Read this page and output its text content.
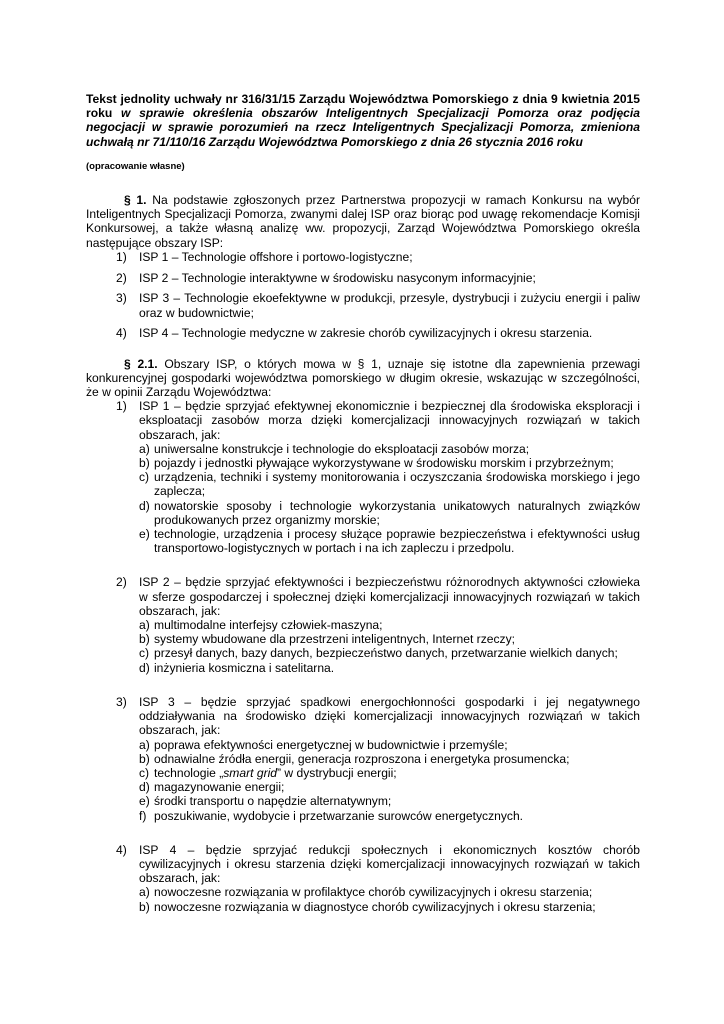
Tekst jednolity uchwały nr 316/31/15 Zarządu Województwa Pomorskiego z dnia 9 kwietnia 2015 roku w sprawie określenia obszarów Inteligentnych Specjalizacji Pomorza oraz podjęcia negocjacji w sprawie porozumień na rzecz Inteligentnych Specjalizacji Pomorza, zmieniona uchwałą nr 71/110/16 Zarządu Województwa Pomorskiego z dnia 26 stycznia 2016 roku

(opracowanie własne)

§ 1. Na podstawie zgłoszonych przez Partnerstwa propozycji w ramach Konkursu na wybór Inteligentnych Specjalizacji Pomorza, zwanymi dalej ISP oraz biorąc pod uwagę rekomendacje Komisji Konkursowej, a także własną analizę ww. propozycji, Zarząd Województwa Pomorskiego określa następujące obszary ISP:

1) ISP 1 – Technologie offshore i portowo-logistyczne;
2) ISP 2 – Technologie interaktywne w środowisku nasyconym informacyjnie;
3) ISP 3 – Technologie ekoefektywne w produkcji, przesyle, dystrybucji i zużyciu energii i paliw oraz w budownictwie;
4) ISP 4 – Technologie medyczne w zakresie chorób cywilizacyjnych i okresu starzenia.

§ 2.1. Obszary ISP, o których mowa w § 1, uznaje się istotne dla zapewnienia przewagi konkurencyjnej gospodarki województwa pomorskiego w długim okresie, wskazując w szczególności, że w opinii Zarządu Województwa:

1) ISP 1 – będzie sprzyjać efektywnej ekonomicznie i bezpiecznej dla środowiska eksploracji i eksploatacji zasobów morza dzięki komercjalizacji innowacyjnych rozwiązań w takich obszarach, jak:
a) uniwersalne konstrukcje i technologie do eksploatacji zasobów morza;
b) pojazdy i jednostki pływające wykorzystywane w środowisku morskim i przybrzeżnym;
c) urządzenia, techniki i systemy monitorowania i oczyszczania środowiska morskiego i jego zaplecza;
d) nowatorskie sposoby i technologie wykorzystania unikatowych naturalnych związków produkowanych przez organizmy morskie;
e) technologie, urządzenia i procesy służące poprawie bezpieczeństwa i efektywności usług transportowo-logistycznych w portach i na ich zapleczu i przedpolu.
2) ISP 2 – będzie sprzyjać efektywności i bezpieczeństwu różnorodnych aktywności człowieka w sferze gospodarczej i społecznej dzięki komercjalizacji innowacyjnych rozwiązań w takich obszarach, jak:
a) multimodalne interfejsy człowiek-maszyna;
b) systemy wbudowane dla przestrzeni inteligentnych, Internet rzeczy;
c) przesył danych, bazy danych, bezpieczeństwo danych, przetwarzanie wielkich danych;
d) inżynieria kosmiczna i satelitarna.
3) ISP 3 – będzie sprzyjać spadkowi energochłonności gospodarki i jej negatywnego oddziaływania na środowisko dzięki komercjalizacji innowacyjnych rozwiązań w takich obszarach, jak:
a) poprawa efektywności energetycznej w budownictwie i przemyśle;
b) odnawialne źródła energii, generacja rozproszona i energetyka prosumencka;
c) technologie „smart grid” w dystrybucji energii;
d) magazynowanie energii;
e) środki transportu o napędzie alternatywnym;
f) poszukiwanie, wydobycie i przetwarzanie surowców energetycznych.
4) ISP 4 – będzie sprzyjać redukcji społecznych i ekonomicznych kosztów chorób cywilizacyjnych i okresu starzenia dzięki komercjalizacji innowacyjnych rozwiązań w takich obszarach, jak:
a) nowoczesne rozwiązania w profilaktyce chorób cywilizacyjnych i okresu starzenia;
b) nowoczesne rozwiązania w diagnostyce chorób cywilizacyjnych i okresu starzenia;
